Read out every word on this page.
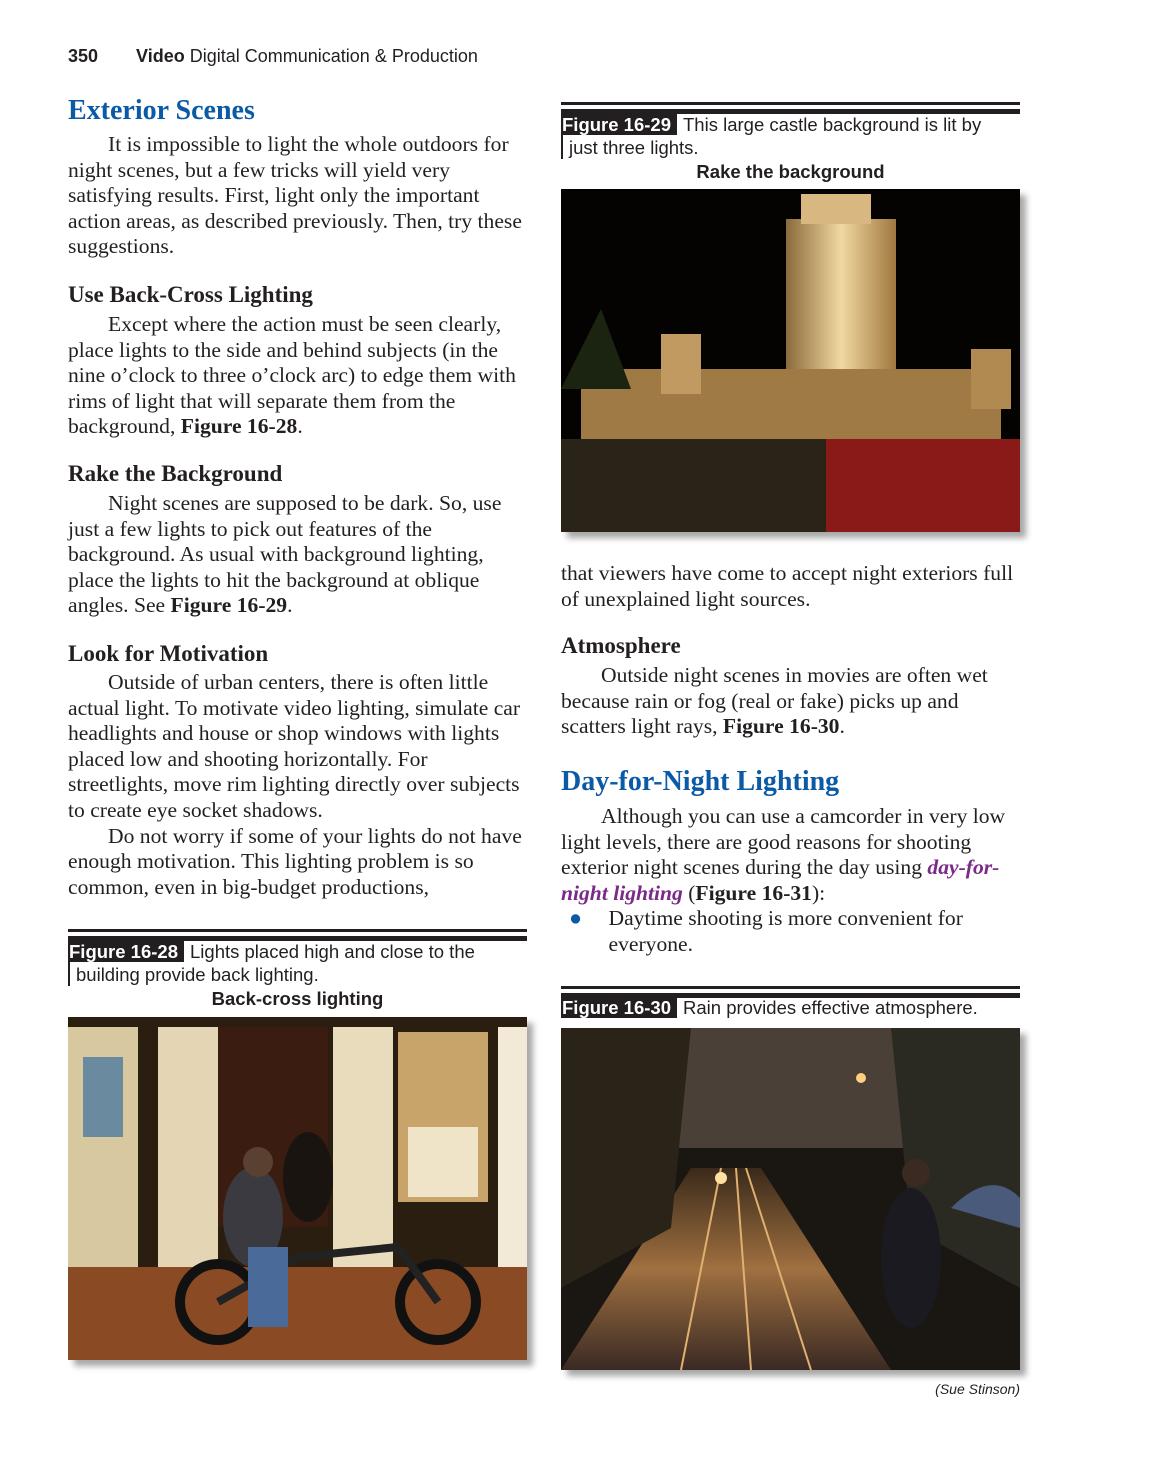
350 Video Digital Communication & Production
Exterior Scenes
It is impossible to light the whole outdoors for night scenes, but a few tricks will yield very satisfying results. First, light only the important action areas, as described previously. Then, try these suggestions.
Use Back-Cross Lighting
Except where the action must be seen clearly, place lights to the side and behind subjects (in the nine o’clock to three o’clock arc) to edge them with rims of light that will separate them from the background, Figure 16-28.
Rake the Background
Night scenes are supposed to be dark. So, use just a few lights to pick out features of the background. As usual with background lighting, place the lights to hit the background at oblique angles. See Figure 16-29.
Look for Motivation
Outside of urban centers, there is often little actual light. To motivate video lighting, simulate car headlights and house or shop windows with lights placed low and shooting horizontally. For streetlights, move rim lighting directly over subjects to create eye socket shadows.
Do not worry if some of your lights do not have enough motivation. This lighting problem is so common, even in big-budget productions,
Figure 16-28 Lights placed high and close to the building provide back lighting.
Back-cross lighting
Figure 16-29 This large castle background is lit by just three lights.
Rake the background
that viewers have come to accept night exteriors full of unexplained light sources.
Atmosphere
Outside night scenes in movies are often wet because rain or fog (real or fake) picks up and scatters light rays, Figure 16-30.
Day-for-Night Lighting
Although you can use a camcorder in very low light levels, there are good reasons for shooting exterior night scenes during the day using day-for-night lighting (Figure 16-31):
●	Daytime shooting is more convenient for everyone.
Figure 16-30 Rain provides effective atmosphere.
(Sue Stinson)
